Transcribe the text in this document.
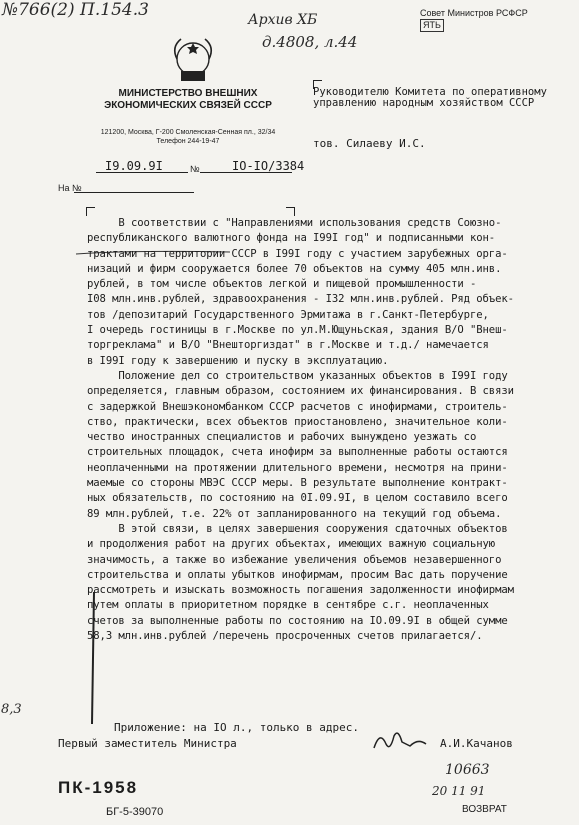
№766(2) П.154.3	Архив ХБ
д.4808, л.44
Совет Министров РСФСР
ЯТЬ
МИНИСТЕРСТВО ВНЕШНИХ ЭКОНОМИЧЕСКИХ СВЯЗЕЙ СССР
121200, Москва, Г-200 Смоленская-Сенная пл., 32/34 Телефон 244-19-47
I9.09.9I	№	IO-IO/3384
На №
Руководителю Комитета по оперативному управлению народным хозяйством СССР
тов. Силаеву И.С.

В соответствии с "Направлениями использования средств Союзно-

республиканского валютного фонда на I99I год" и подписанными кон-

трактами на территории СССР в I99I году с участием зарубежных орга-

низаций и фирм сооружается более 70 объектов на сумму 405 млн.инв.

рублей, в том числе объектов легкой и пищевой промышленности -

I08 млн.инв.рублей, здравоохранения - I32 млн.инв.рублей. Ряд объек-

тов /депозитарий Государственного Эрмитажа в г.Санкт-Петербурге,

I очередь гостиницы в г.Москве по ул.М.Ющуньская, здания В/О "Внеш-

торгреклама" и В/О "Внешторгиздат" в г.Москве и т.д./ намечается

в I99I году к завершению и пуску в эксплуатацию.

Положение дел со строительством указанных объектов в I99I году

определяется, главным образом, состоянием их финансирования. В связи

с задержкой Внешэкономбанком СССР расчетов с инофирмами, строитель-

ство, практически, всех объектов приостановлено, значительное коли-

чество иностранных специалистов и рабочих вынуждено уезжать со

строительных площадок, счета инофирм за выполненные работы остаются

неоплаченными на протяжении длительного времени, несмотря на прини-

маемые со стороны МВЭС СССР меры. В результате выполнение контракт-

ных обязательств, по состоянию на 0I.09.9I, в целом составило всего

89 млн.рублей, т.е. 22% от запланированного на текущий год объема.

В этой связи, в целях завершения сооружения сдаточных объектов

и продолжения работ на других объектах, имеющих важную социальную

значимость, а также во избежание увеличения объемов незавершенного

строительства и оплаты убытков инофирмам, просим Вас дать поручение

рассмотреть и изыскать возможность погашения задолженности инофирмам

путем оплаты в приоритетном порядке в сентябре с.г. неоплаченных

счетов за выполненные работы по состоянию на IO.09.9I в общей сумме

58,3 млн.инв.рублей /перечень просроченных счетов прилагается/.

Приложение: на IO л., только в адрес.
Первый заместитель Министра	А.И.Качанов
10663
20 11 91
8,3
ПК-1958
БГ-5-39070	ВОЗВРАТ
